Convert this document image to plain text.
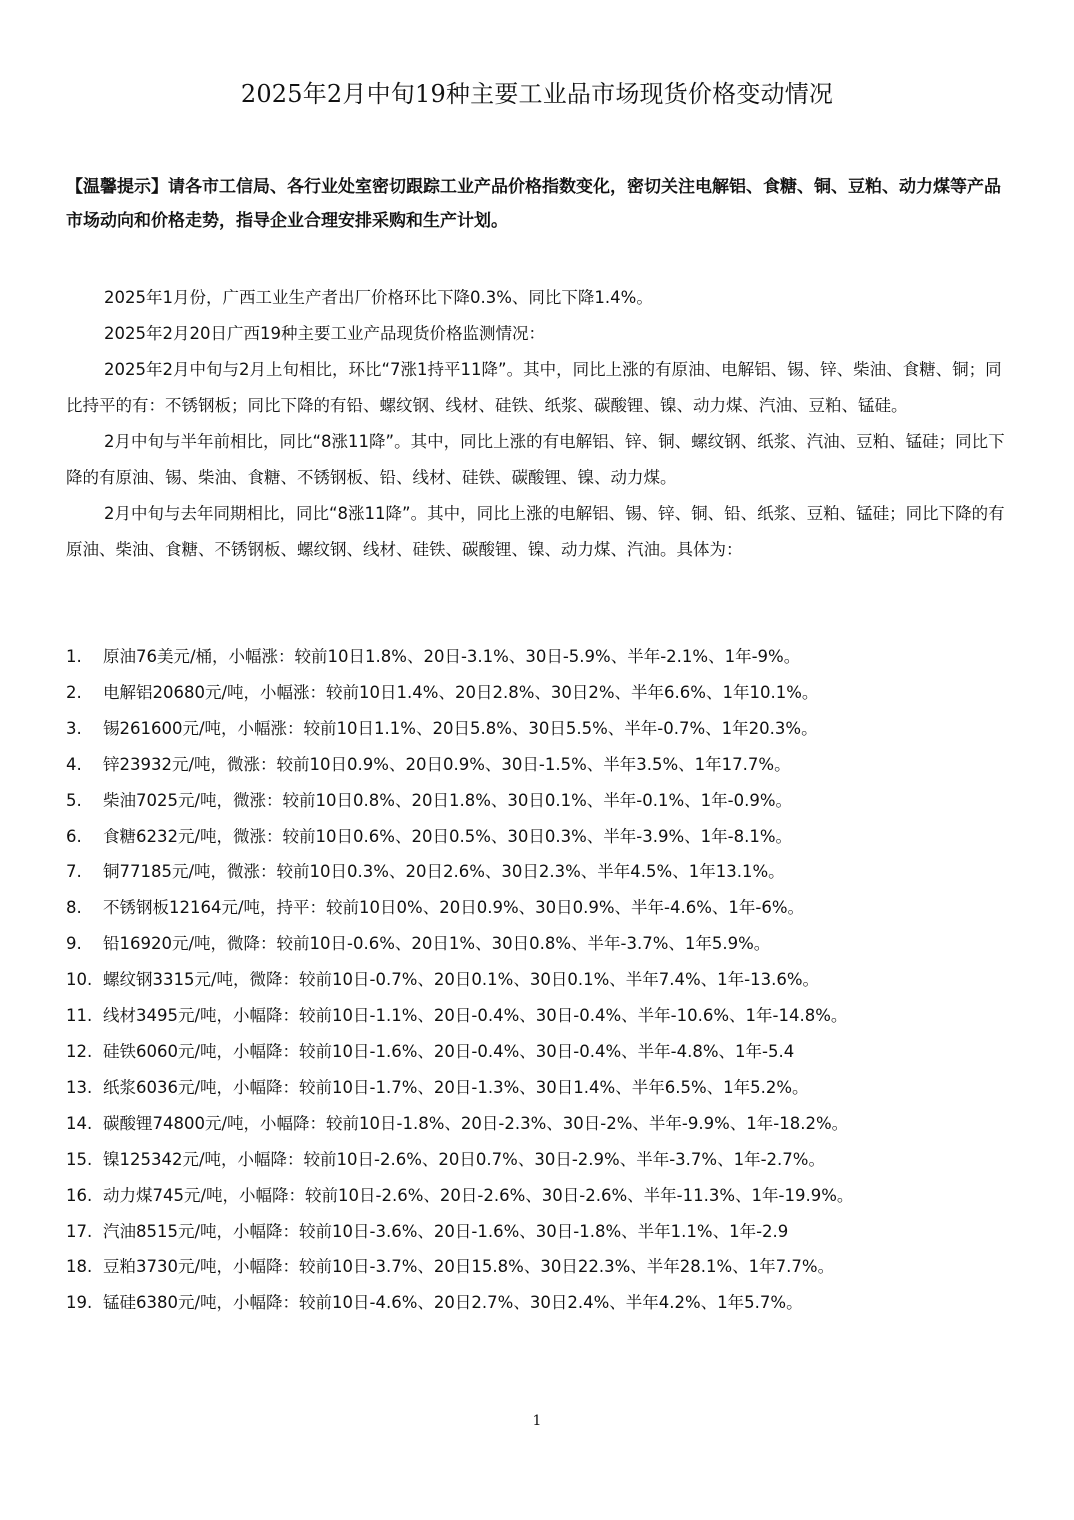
2025年2月中旬19种主要工业品市场现货价格变动情况

【温馨提示】请各市工信局、各行业处室密切跟踪工业产品价格指数变化，密切关注电解铝、食糖、铜、豆粕、动力煤等产品市场动向和价格走势，指导企业合理安排采购和生产计划。

2025年1月份，广西工业生产者出厂价格环比下降0.3%、同比下降1.4%。

2025年2月20日广西19种主要工业产品现货价格监测情况：

2025年2月中旬与2月上旬相比，环比“7涨1持平11降”。其中，同比上涨的有原油、电解铝、锡、锌、柴油、食糖、铜；同比持平的有：不锈钢板；同比下降的有铅、螺纹钢、线材、硅铁、纸浆、碳酸锂、镍、动力煤、汽油、豆粕、锰硅。

2月中旬与半年前相比，同比“8涨11降”。其中，同比上涨的有电解铝、锌、铜、螺纹钢、纸浆、汽油、豆粕、锰硅；同比下降的有原油、锡、柴油、食糖、不锈钢板、铅、线材、硅铁、碳酸锂、镍、动力煤。

2月中旬与去年同期相比，同比“8涨11降”。其中，同比上涨的电解铝、锡、锌、铜、铅、纸浆、豆粕、锰硅；同比下降的有原油、柴油、食糖、不锈钢板、螺纹钢、线材、硅铁、碳酸锂、镍、动力煤、汽油。具体为：

1.	原油76美元/桶，小幅涨：较前10日1.8%、20日-3.1%、30日-5.9%、半年-2.1%、1年-9%。
2.	电解铝20680元/吨，小幅涨：较前10日1.4%、20日2.8%、30日2%、半年6.6%、1年10.1%。
3.	锡261600元/吨，小幅涨：较前10日1.1%、20日5.8%、30日5.5%、半年-0.7%、1年20.3%。
4.	锌23932元/吨，微涨：较前10日0.9%、20日0.9%、30日-1.5%、半年3.5%、1年17.7%。
5.	柴油7025元/吨，微涨：较前10日0.8%、20日1.8%、30日0.1%、半年-0.1%、1年-0.9%。
6.	食糖6232元/吨，微涨：较前10日0.6%、20日0.5%、30日0.3%、半年-3.9%、1年-8.1%。
7.	铜77185元/吨，微涨：较前10日0.3%、20日2.6%、30日2.3%、半年4.5%、1年13.1%。
8.	不锈钢板12164元/吨，持平：较前10日0%、20日0.9%、30日0.9%、半年-4.6%、1年-6%。
9.	铅16920元/吨，微降：较前10日-0.6%、20日1%、30日0.8%、半年-3.7%、1年5.9%。
10. 螺纹钢3315元/吨，微降：较前10日-0.7%、20日0.1%、30日0.1%、半年7.4%、1年-13.6%。
11. 线材3495元/吨，小幅降：较前10日-1.1%、20日-0.4%、30日-0.4%、半年-10.6%、1年-14.8%。
12. 硅铁6060元/吨，小幅降：较前10日-1.6%、20日-0.4%、30日-0.4%、半年-4.8%、1年-5.4
13. 纸浆6036元/吨，小幅降：较前10日-1.7%、20日-1.3%、30日1.4%、半年6.5%、1年5.2%。
14. 碳酸锂74800元/吨，小幅降：较前10日-1.8%、20日-2.3%、30日-2%、半年-9.9%、1年-18.2%。
15. 镍125342元/吨，小幅降：较前10日-2.6%、20日0.7%、30日-2.9%、半年-3.7%、1年-2.7%。
16. 动力煤745元/吨，小幅降：较前10日-2.6%、20日-2.6%、30日-2.6%、半年-11.3%、1年-19.9%。
17. 汽油8515元/吨，小幅降：较前10日-3.6%、20日-1.6%、30日-1.8%、半年1.1%、1年-2.9
18. 豆粕3730元/吨，小幅降：较前10日-3.7%、20日15.8%、30日22.3%、半年28.1%、1年7.7%。
19. 锰硅6380元/吨，小幅降：较前10日-4.6%、20日2.7%、30日2.4%、半年4.2%、1年5.7%。
1
